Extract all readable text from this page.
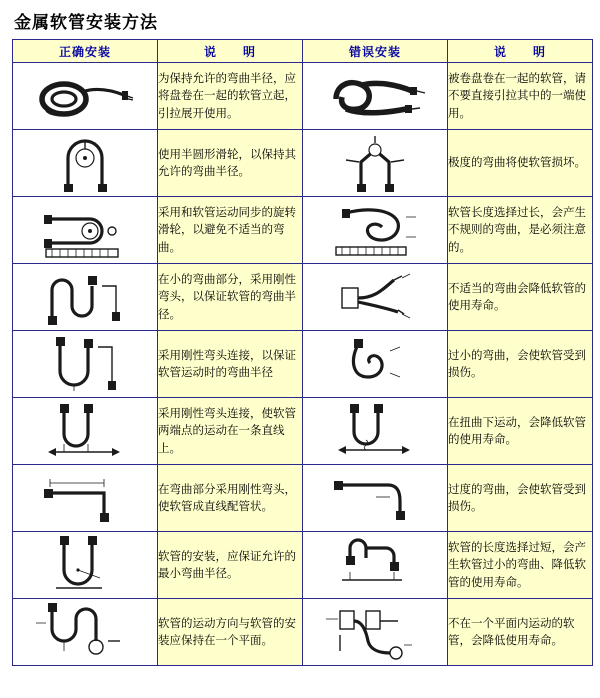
金属软管安装方法
正确安装	说　　明	错误安装	说　　明

	为保持允许的弯曲半径，应将盘卷在一起的软管立起，引拉展开使用。		被卷盘卷在一起的软管，请不要直接引拉其中的一端使用。

	使用半圆形滑轮，以保持其允许的弯曲半径。		极度的弯曲将使软管损坏。

	采用和软管运动同步的旋转滑轮，以避免不适当的弯曲。		软管长度选择过长，会产生不规则的弯曲，是必须注意的。

	在小的弯曲部分，采用刚性弯头，以保证软管的弯曲半径。		不适当的弯曲会降低软管的使用寿命。

	采用刚性弯头连接，以保证软管运动时的弯曲半径		过小的弯曲，会使软管受到损伤。

	采用刚性弯头连接，使软管两端点的运动在一条直线上。		在扭曲下运动，会降低软管的使用寿命。

	在弯曲部分采用刚性弯头，使软管成直线配管状。		过度的弯曲，会使软管受到损伤。

	软管的安装，应保证允许的最小弯曲半径。		软管的长度选择过短，会产生软管过小的弯曲、降低软管的使用寿命。

	软管的运动方向与软管的安装应保持在一个平面。		不在一个平面内运动的软管，会降低使用寿命。
